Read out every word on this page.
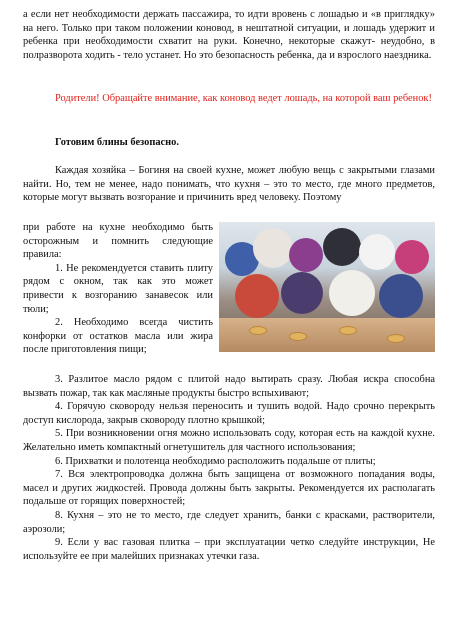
а если нет необходимости держать пассажира, то идти вровень с лошадью и «в приглядку» на него. Только при таком положении коновод, в нештатной ситуации, и лошадь удержит и ребенка при необходимости схватит на руки. Конечно, некоторые скажут- неудобно, в полразворота ходить - тело устанет. Но это безопасность ребенка, да и взрослого наездника.

Родители! Обращайте внимание, как коновод ведет лошадь, на которой ваш ребенок!

Готовим блины безопасно.

Каждая хозяйка – Богиня на своей кухне, может любую вещь с закрытыми глазами найти. Но, тем не менее, надо понимать, что кухня – это то место, где много предметов, которые могут вызвать возгорание и причинить вред человеку. Поэтому

при работе на кухне необходимо быть осторожным и помнить следующие правила:

1. Не рекомендуется ставить плиту рядом с окном, так как это может привести к возгоранию занавесок или тюли;

2. Необходимо всегда чистить конфорки от остатков масла или жира после приготовления пищи;

3. Разлитое масло рядом с плитой надо вытирать сразу. Любая искра способна вызвать пожар, так как масляные продукты быстро вспыхивают;

4. Горячую сковороду нельзя переносить и тушить водой. Надо срочно перекрыть доступ кислорода, закрыв сковороду плотно крышкой;

5. При возникновении огня можно использовать соду, которая есть на каждой кухне. Желательно иметь компактный огнетушитель для частного использования;

6. Прихватки и полотенца необходимо расположить подальше от плиты;

7. Вся электропроводка должна быть защищена от возможного попадания воды, масел и других жидкостей. Провода должны быть закрыты. Рекомендуется их располагать подальше от горящих поверхностей;

8. Кухня – это не то место, где следует хранить, банки с красками, растворители, аэрозоли;

9. Если у вас газовая плитка – при эксплуатации четко следуйте инструкции, Не используйте ее при малейших признаках утечки газа.
